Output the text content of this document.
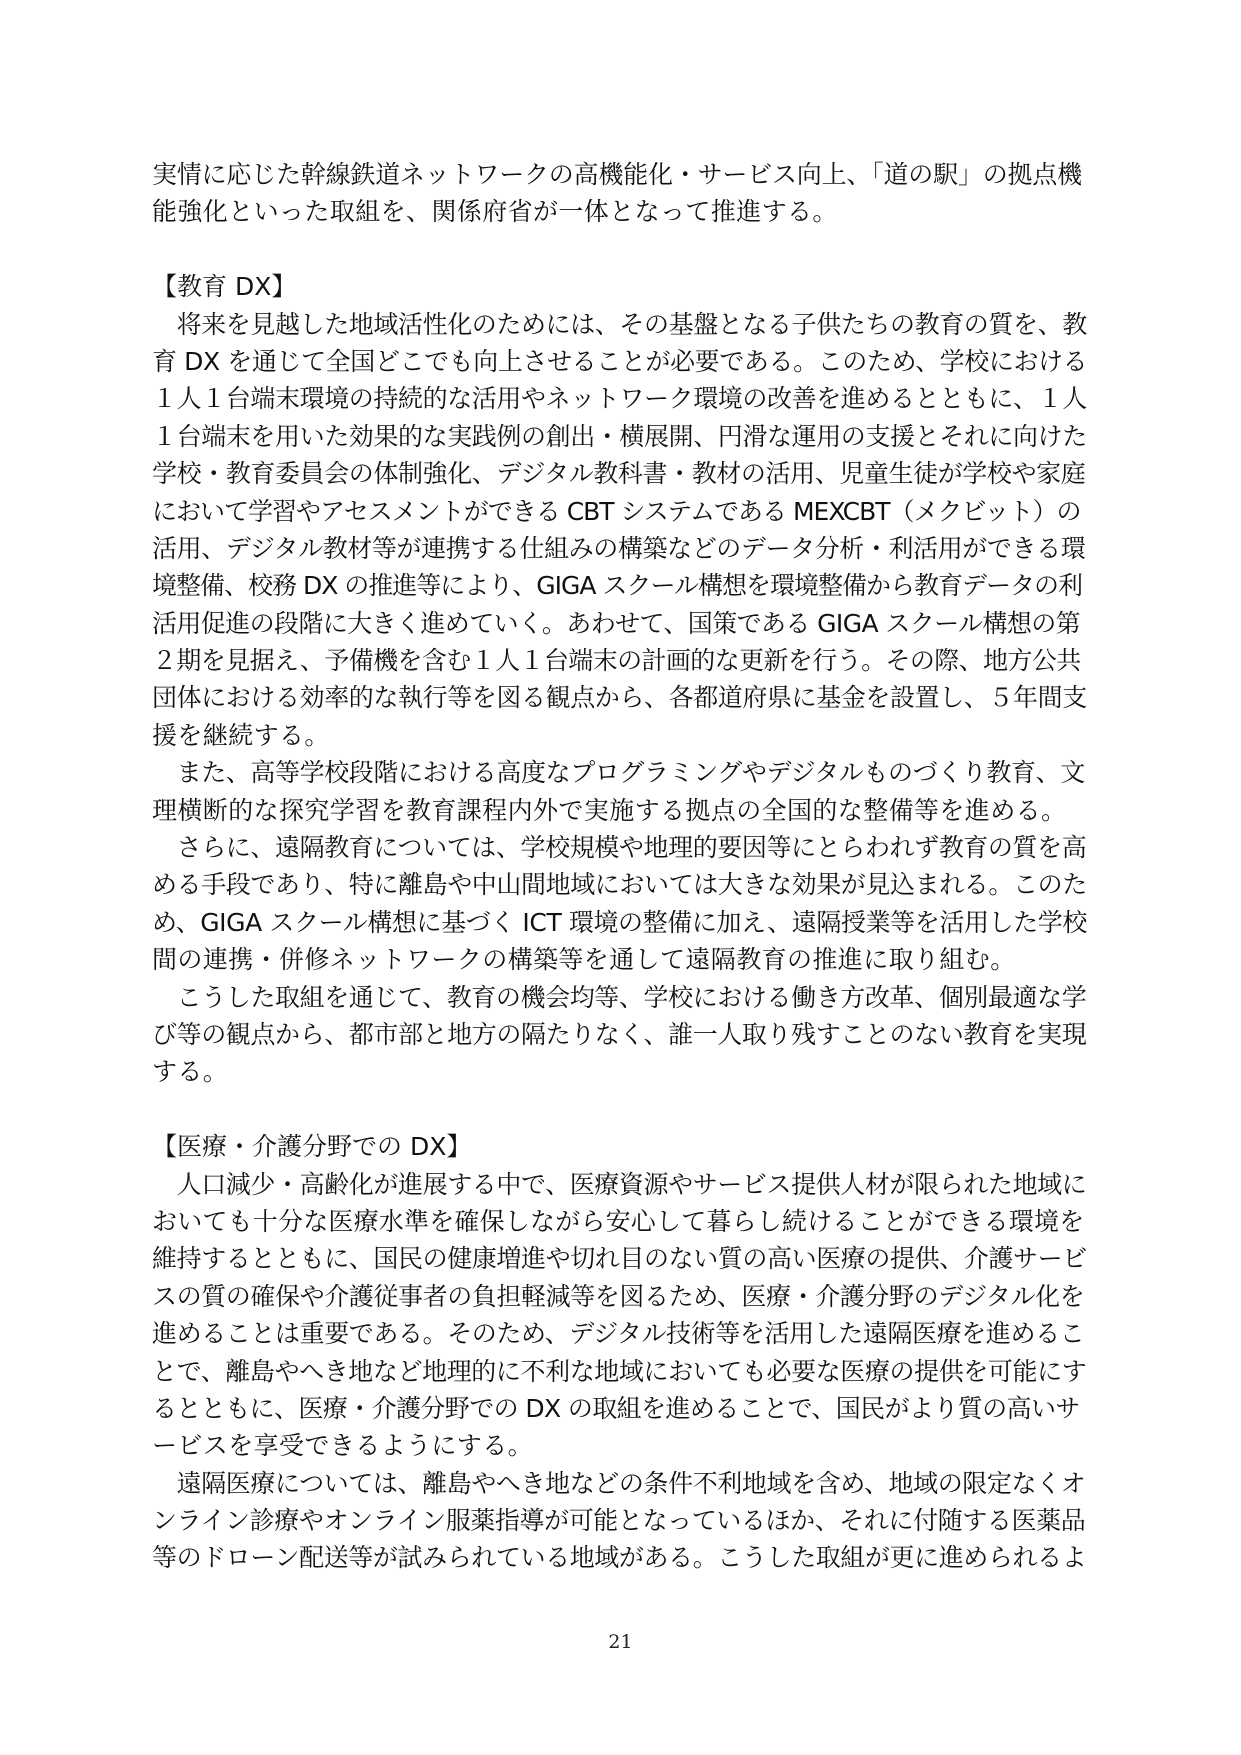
実情に応じた幹線鉄道ネットワークの高機能化・サービス向上、「道の駅」の拠点機
能強化といった取組を、関係府省が一体となって推進する。
【教育 DX】
　将来を見越した地域活性化のためには、その基盤となる子供たちの教育の質を、教
育 DX を通じて全国どこでも向上させることが必要である。このため、学校における
１人１台端末環境の持続的な活用やネットワーク環境の改善を進めるとともに、１人
１台端末を用いた効果的な実践例の創出・横展開、円滑な運用の支援とそれに向けた
学校・教育委員会の体制強化、デジタル教科書・教材の活用、児童生徒が学校や家庭
において学習やアセスメントができる CBT システムである MEXCBT（メクビット）の
活用、デジタル教材等が連携する仕組みの構築などのデータ分析・利活用ができる環
境整備、校務 DX の推進等により、GIGA スクール構想を環境整備から教育データの利
活用促進の段階に大きく進めていく。あわせて、国策である GIGA スクール構想の第
２期を見据え、予備機を含む１人１台端末の計画的な更新を行う。その際、地方公共
団体における効率的な執行等を図る観点から、各都道府県に基金を設置し、５年間支
援を継続する。
　また、高等学校段階における高度なプログラミングやデジタルものづくり教育、文
理横断的な探究学習を教育課程内外で実施する拠点の全国的な整備等を進める。
　さらに、遠隔教育については、学校規模や地理的要因等にとらわれず教育の質を高
める手段であり、特に離島や中山間地域においては大きな効果が見込まれる。このた
め、GIGA スクール構想に基づく ICT 環境の整備に加え、遠隔授業等を活用した学校
間の連携・併修ネットワークの構築等を通して遠隔教育の推進に取り組む。
　こうした取組を通じて、教育の機会均等、学校における働き方改革、個別最適な学
び等の観点から、都市部と地方の隔たりなく、誰一人取り残すことのない教育を実現
する。
【医療・介護分野での DX】
　人口減少・高齢化が進展する中で、医療資源やサービス提供人材が限られた地域に
おいても十分な医療水準を確保しながら安心して暮らし続けることができる環境を
維持するとともに、国民の健康増進や切れ目のない質の高い医療の提供、介護サービ
スの質の確保や介護従事者の負担軽減等を図るため、医療・介護分野のデジタル化を
進めることは重要である。そのため、デジタル技術等を活用した遠隔医療を進めるこ
とで、離島やへき地など地理的に不利な地域においても必要な医療の提供を可能にす
るとともに、医療・介護分野での DX の取組を進めることで、国民がより質の高いサ
ービスを享受できるようにする。
　遠隔医療については、離島やへき地などの条件不利地域を含め、地域の限定なくオ
ンライン診療やオンライン服薬指導が可能となっているほか、それに付随する医薬品
等のドローン配送等が試みられている地域がある。こうした取組が更に進められるよ
21
